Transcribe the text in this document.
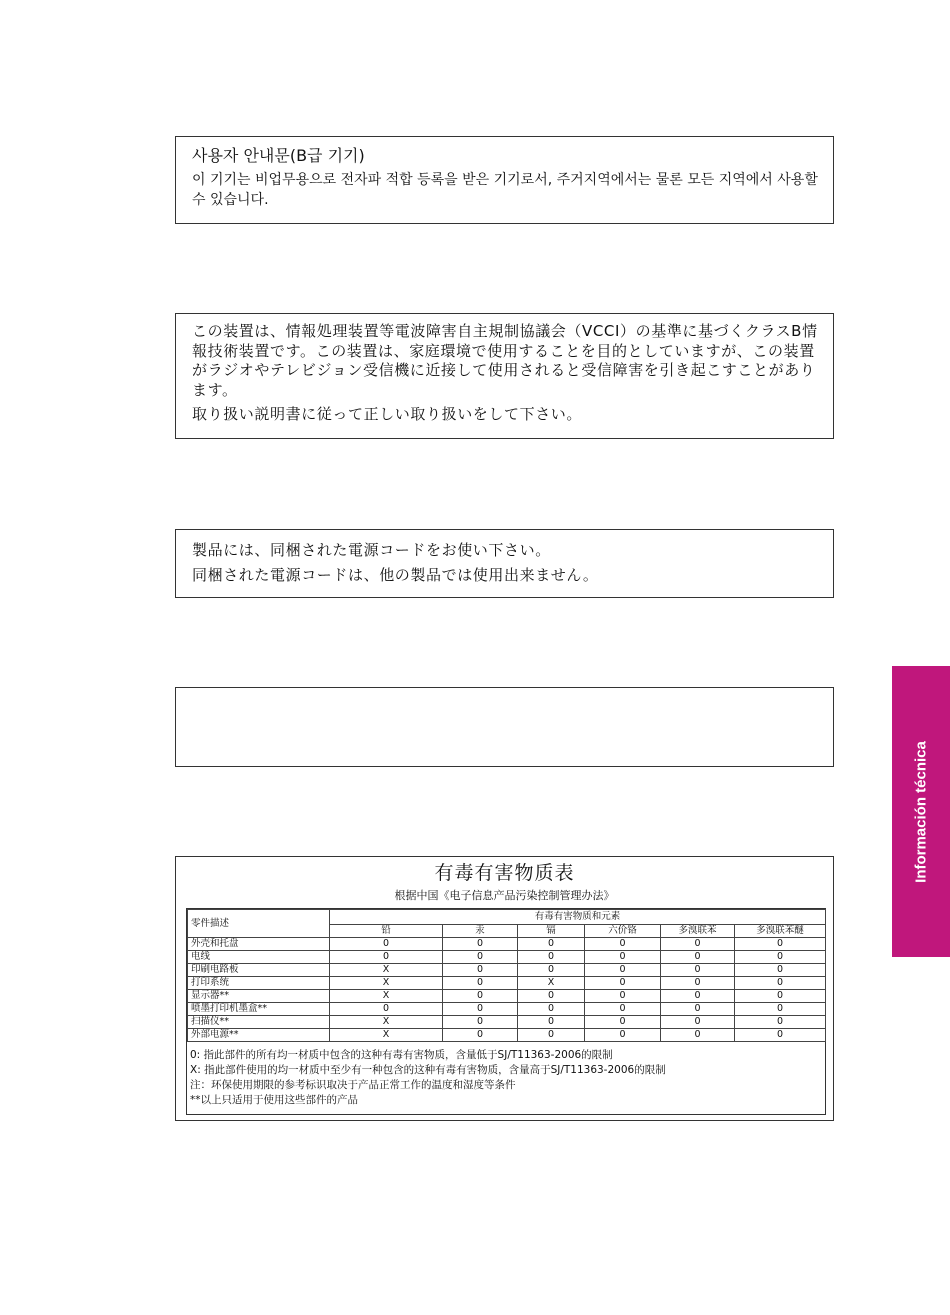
사용자 안내문(B급 기기)
이 기기는 비업무용으로 전자파 적합 등록을 받은 기기로서, 주거지역에서는 물론 모든 지역에서 사용할 수 있습니다.

この装置は、情報処理装置等電波障害自主規制協議会（VCCI）の基準に基づくクラスB情報技術装置です。この装置は、家庭環境で使用することを目的としていますが、この装置がラジオやテレビジョン受信機に近接して使用されると受信障害を引き起こすことがあります。

取り扱い説明書に従って正しい取り扱いをして下さい。

製品には、同梱された電源コードをお使い下さい。

同梱された電源コードは、他の製品では使用出来ません。

有毒有害物质表
根据中国《电子信息产品污染控制管理办法》
零件描述	有毒有害物质和元素					
	铅	汞	镉	六价铬	多溴联苯	多溴联苯醚
外壳和托盘	0	0	0	0	0	0
电线	0	0	0	0	0	0
印刷电路板	X	0	0	0	0	0
打印系统	X	0	X	0	0	0
显示器**	X	0	0	0	0	0
喷墨打印机墨盒**	0	0	0	0	0	0
扫描仪**	X	0	0	0	0	0
外部电源**	X	0	0	0	0	0
0: 指此部件的所有均一材质中包含的这种有毒有害物质，含量低于SJ/T11363-2006的限制
X: 指此部件使用的均一材质中至少有一种包含的这种有毒有害物质，含量高于SJ/T11363-2006的限制
注：环保使用期限的参考标识取决于产品正常工作的温度和湿度等条件
**以上只适用于使用这些部件的产品
Información técnica
